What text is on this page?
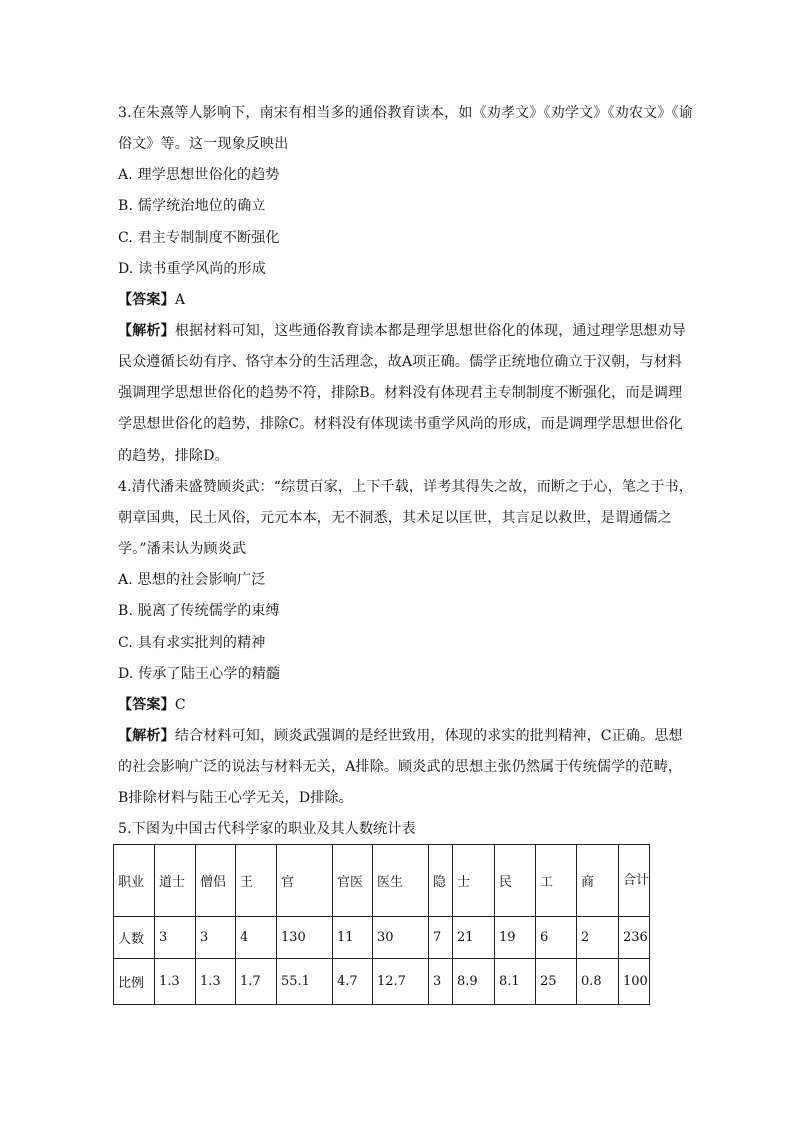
3.在朱熹等人影响下，南宋有相当多的通俗教育读本，如《劝孝文》《劝学文》《劝农文》《谕
俗文》等。这一现象反映出
A. 理学思想世俗化的趋势
B. 儒学统治地位的确立
C. 君主专制制度不断强化
D. 读书重学风尚的形成
【答案】A
【解析】根据材料可知，这些通俗教育读本都是理学思想世俗化的体现，通过理学思想劝导
民众遵循长幼有序、恪守本分的生活理念，故A项正确。儒学正统地位确立于汉朝，与材料
强调理学思想世俗化的趋势不符，排除B。材料没有体现君主专制制度不断强化，而是调理
学思想世俗化的趋势，排除C。材料没有体现读书重学风尚的形成，而是调理学思想世俗化
的趋势，排除D。
4.清代潘耒盛赞顾炎武：“综贯百家，上下千载，详考其得失之故，而断之于心，笔之于书，
朝章国典，民土风俗，元元本本，无不洞悉，其术足以匡世，其言足以救世，是谓通儒之
学。”潘耒认为顾炎武
A. 思想的社会影响广泛
B. 脱离了传统儒学的束缚
C. 具有求实批判的精神
D. 传承了陆王心学的精髓
【答案】C
【解析】结合材料可知，顾炎武强调的是经世致用，体现的求实的批判精神，C正确。思想
的社会影响广泛的说法与材料无关，A排除。顾炎武的思想主张仍然属于传统儒学的范畴，
B排除材料与陆王心学无关，D排除。
5.下图为中国古代科学家的职业及其人数统计表
职业	道士	僧侣	王	官	官医	医生	隐	士	民	工	商	合计
人数	3	3	4	130	11	30	7	21	19	6	2	236
比例	1.3	1.3	1.7	55.1	4.7	12.7	3	8.9	8.1	25	0.8	100
